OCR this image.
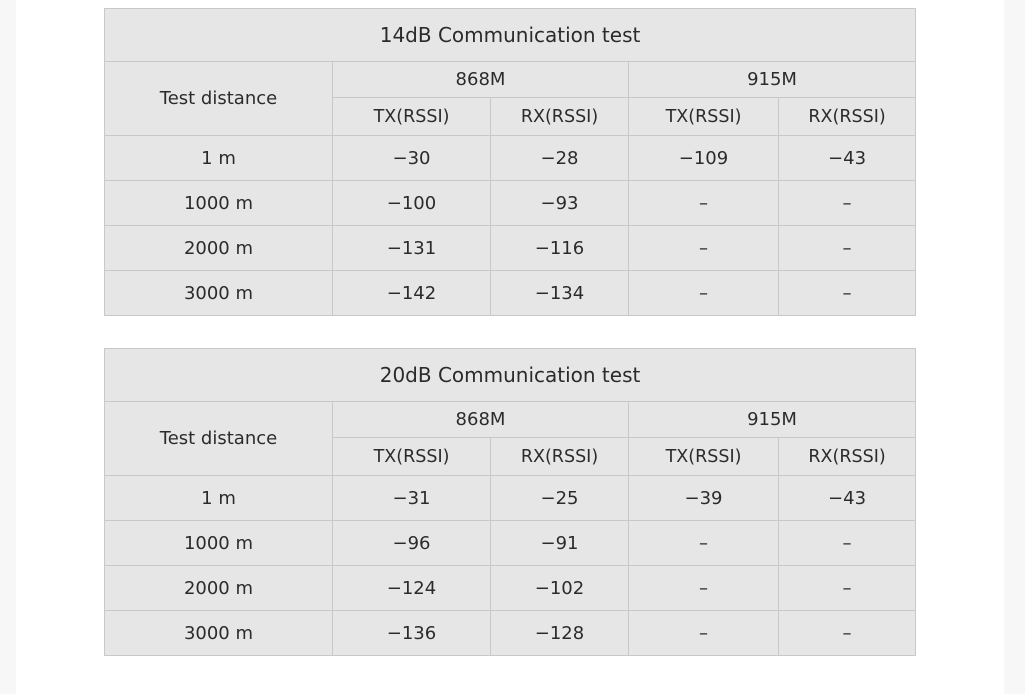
14dB Communication test				
Test distance	868M		915M	
	TX(RSSI)	RX(RSSI)	TX(RSSI)	RX(RSSI)
1 m	−30	−28	−109	−43
1000 m	−100	−93	–	–
2000 m	−131	−116	–	–
3000 m	−142	−134	–	–
20dB Communication test				
Test distance	868M		915M	
	TX(RSSI)	RX(RSSI)	TX(RSSI)	RX(RSSI)
1 m	−31	−25	−39	−43
1000 m	−96	−91	–	–
2000 m	−124	−102	–	–
3000 m	−136	−128	–	–
